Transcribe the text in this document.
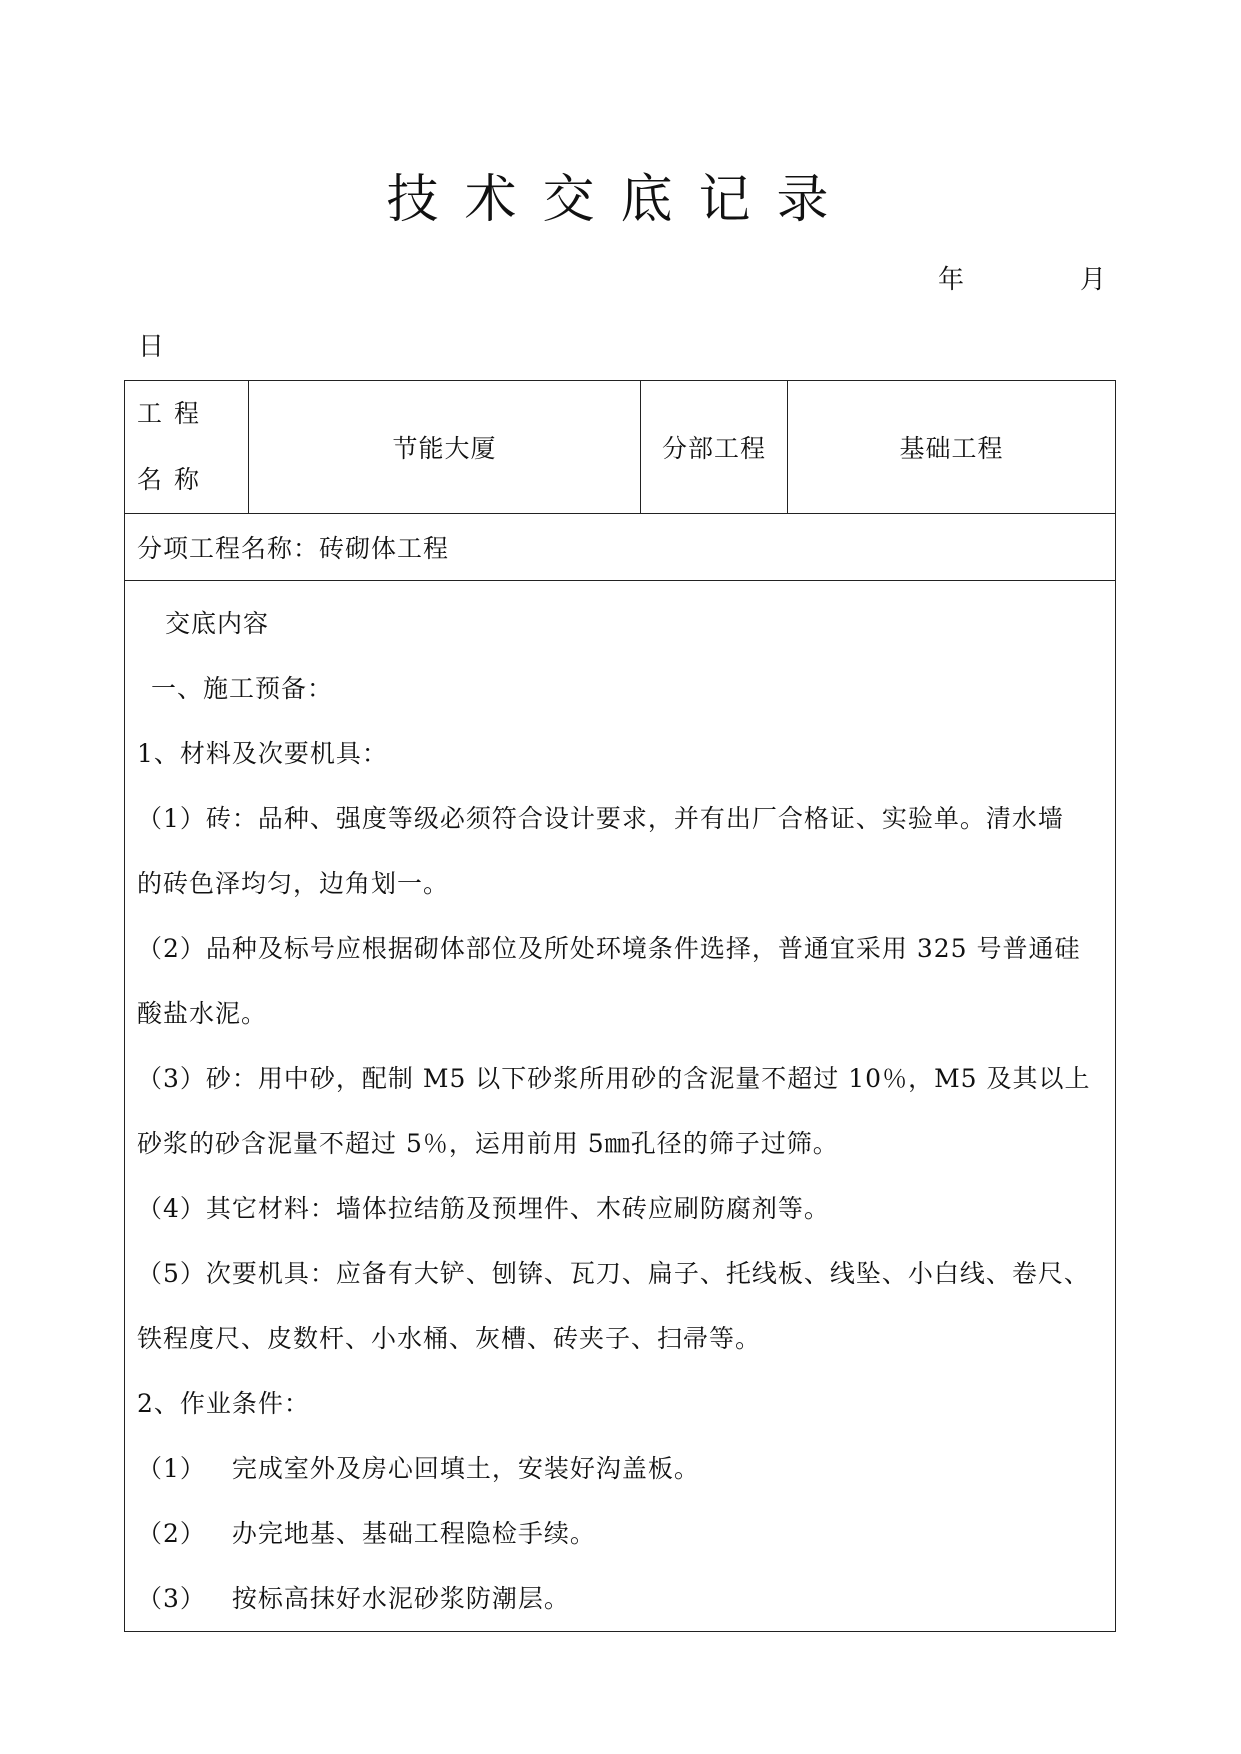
技术交底记录
年	月
日
工程名称	节能大厦	分部工程	基础工程
分项工程名称：砖砌体工程

交底内容
一、施工预备：
1、材料及次要机具：
（1）砖：品种、强度等级必须符合设计要求，并有出厂合格证、实验单。清水墙
的砖色泽均匀，边角划一。
（2）品种及标号应根据砌体部位及所处环境条件选择，普通宜采用 325 号普通硅
酸盐水泥。
（3）砂：用中砂，配制 M5 以下砂浆所用砂的含泥量不超过 10％，M5 及其以上
砂浆的砂含泥量不超过 5％，运用前用 5㎜孔径的筛子过筛。
（4）其它材料：墙体拉结筋及预埋件、木砖应刷防腐剂等。
（5）次要机具：应备有大铲、刨锛、瓦刀、扁子、托线板、线坠、小白线、卷尺、
铁程度尺、皮数杆、小水桶、灰槽、砖夹子、扫帚等。
2、作业条件：
（1） 完成室外及房心回填土，安装好沟盖板。
（2） 办完地基、基础工程隐检手续。
（3） 按标高抹好水泥砂浆防潮层。
